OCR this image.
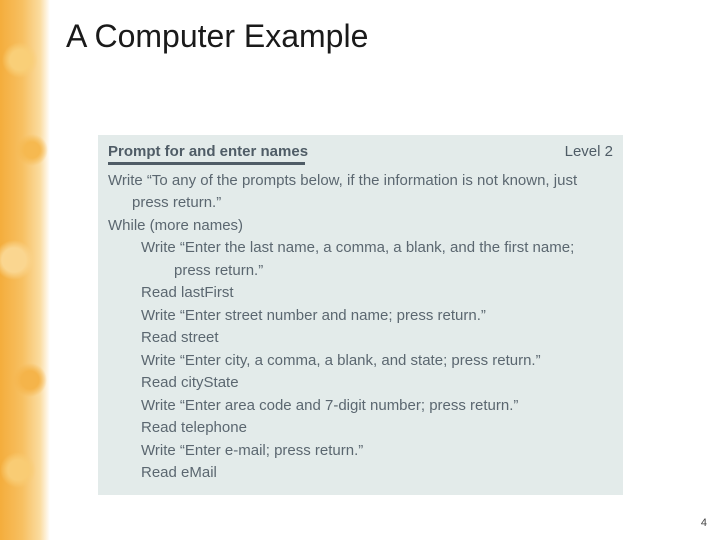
A Computer Example
Prompt for and enter names	Level 2
Write “To any of the prompts below, if the information is not known, just
press return.”
While (more names)
Write “Enter the last name, a comma, a blank, and the first name;
press return.”
Read lastFirst
Write “Enter street number and name; press return.”
Read street
Write “Enter city, a comma, a blank, and state; press return.”
Read cityState
Write “Enter area code and 7-digit number; press return.”
Read telephone
Write “Enter e-mail; press return.”
Read eMail
4
